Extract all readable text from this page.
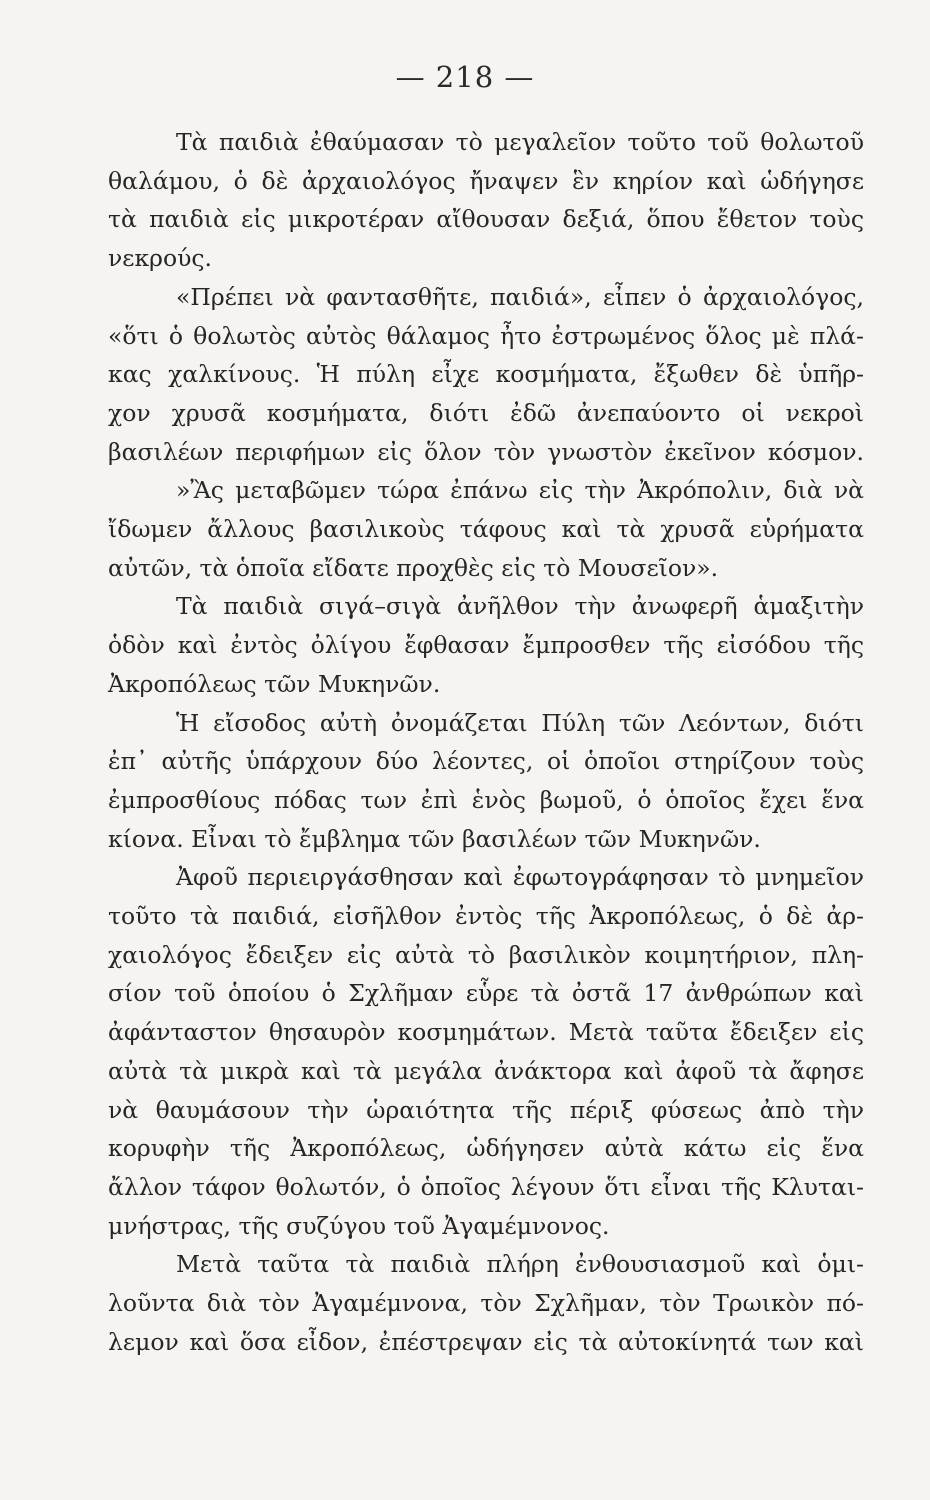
— 218 —
Τὰ παιδιὰ ἐθαύμασαν τὸ μεγαλεῖον τοῦτο τοῦ θολωτοῦ
θαλάμου, ὁ δὲ ἀρχαιολόγος ἤναψεν ἓν κηρίον καὶ ὡδήγησε
τὰ παιδιὰ εἰς μικροτέραν αἴθουσαν δεξιά, ὅπου ἔθετον τοὺς
νεκρούς.
«Πρέπει νὰ φαντασθῆτε, παιδιά», εἶπεν ὁ ἀρχαιολόγος,
«ὅτι ὁ θολωτὸς αὐτὸς θάλαμος ἦτο ἐστρωμένος ὅλος μὲ πλά-
κας χαλκίνους. Ἡ πύλη εἶχε κοσμήματα, ἔξωθεν δὲ ὑπῆρ-
χον χρυσᾶ κοσμήματα, διότι ἐδῶ ἀνεπαύοντο οἱ νεκροὶ
βασιλέων περιφήμων εἰς ὅλον τὸν γνωστὸν ἐκεῖνον κόσμον.
»Ἂς μεταβῶμεν τώρα ἐπάνω εἰς τὴν Ἀκρόπολιν, διὰ νὰ
ἴδωμεν ἄλλους βασιλικοὺς τάφους καὶ τὰ χρυσᾶ εὑρήματα
αὐτῶν, τὰ ὁποῖα εἴδατε προχθὲς εἰς τὸ Μουσεῖον».
Τὰ παιδιὰ σιγά–σιγὰ ἀνῆλθον τὴν ἀνωφερῆ ἁμαξιτὴν
ὁδὸν καὶ ἐντὸς ὀλίγου ἔφθασαν ἔμπροσθεν τῆς εἰσόδου τῆς
Ἀκροπόλεως τῶν Μυκηνῶν.
Ἡ εἴσοδος αὐτὴ ὀνομάζεται Πύλη τῶν Λεόντων, διότι
ἐπ᾽ αὐτῆς ὑπάρχουν δύο λέοντες, οἱ ὁποῖοι στηρίζουν τοὺς
ἐμπροσθίους πόδας των ἐπὶ ἑνὸς βωμοῦ, ὁ ὁποῖος ἔχει ἕνα
κίονα. Εἶναι τὸ ἔμβλημα τῶν βασιλέων τῶν Μυκηνῶν.
Ἀφοῦ περιειργάσθησαν καὶ ἐφωτογράφησαν τὸ μνημεῖον
τοῦτο τὰ παιδιά, εἰσῆλθον ἐντὸς τῆς Ἀκροπόλεως, ὁ δὲ ἀρ-
χαιολόγος ἔδειξεν εἰς αὐτὰ τὸ βασιλικὸν κοιμητήριον, πλη-
σίον τοῦ ὁποίου ὁ Σχλῆμαν εὗρε τὰ ὀστᾶ 17 ἀνθρώπων καὶ
ἀφάνταστον θησαυρὸν κοσμημάτων. Μετὰ ταῦτα ἔδειξεν εἰς
αὐτὰ τὰ μικρὰ καὶ τὰ μεγάλα ἀνάκτορα καὶ ἀφοῦ τὰ ἄφησε
νὰ θαυμάσουν τὴν ὡραιότητα τῆς πέριξ φύσεως ἀπὸ τὴν
κορυφὴν τῆς Ἀκροπόλεως, ὡδήγησεν αὐτὰ κάτω εἰς ἕνα
ἄλλον τάφον θολωτόν, ὁ ὁποῖος λέγουν ὅτι εἶναι τῆς Κλυται-
μνήστρας, τῆς συζύγου τοῦ Ἀγαμέμνονος.
Μετὰ ταῦτα τὰ παιδιὰ πλήρη ἐνθουσιασμοῦ καὶ ὁμι-
λοῦντα διὰ τὸν Ἀγαμέμνονα, τὸν Σχλῆμαν, τὸν Τρωικὸν πό-
λεμον καὶ ὅσα εἶδον, ἐπέστρεψαν εἰς τὰ αὐτοκίνητά των καὶ
